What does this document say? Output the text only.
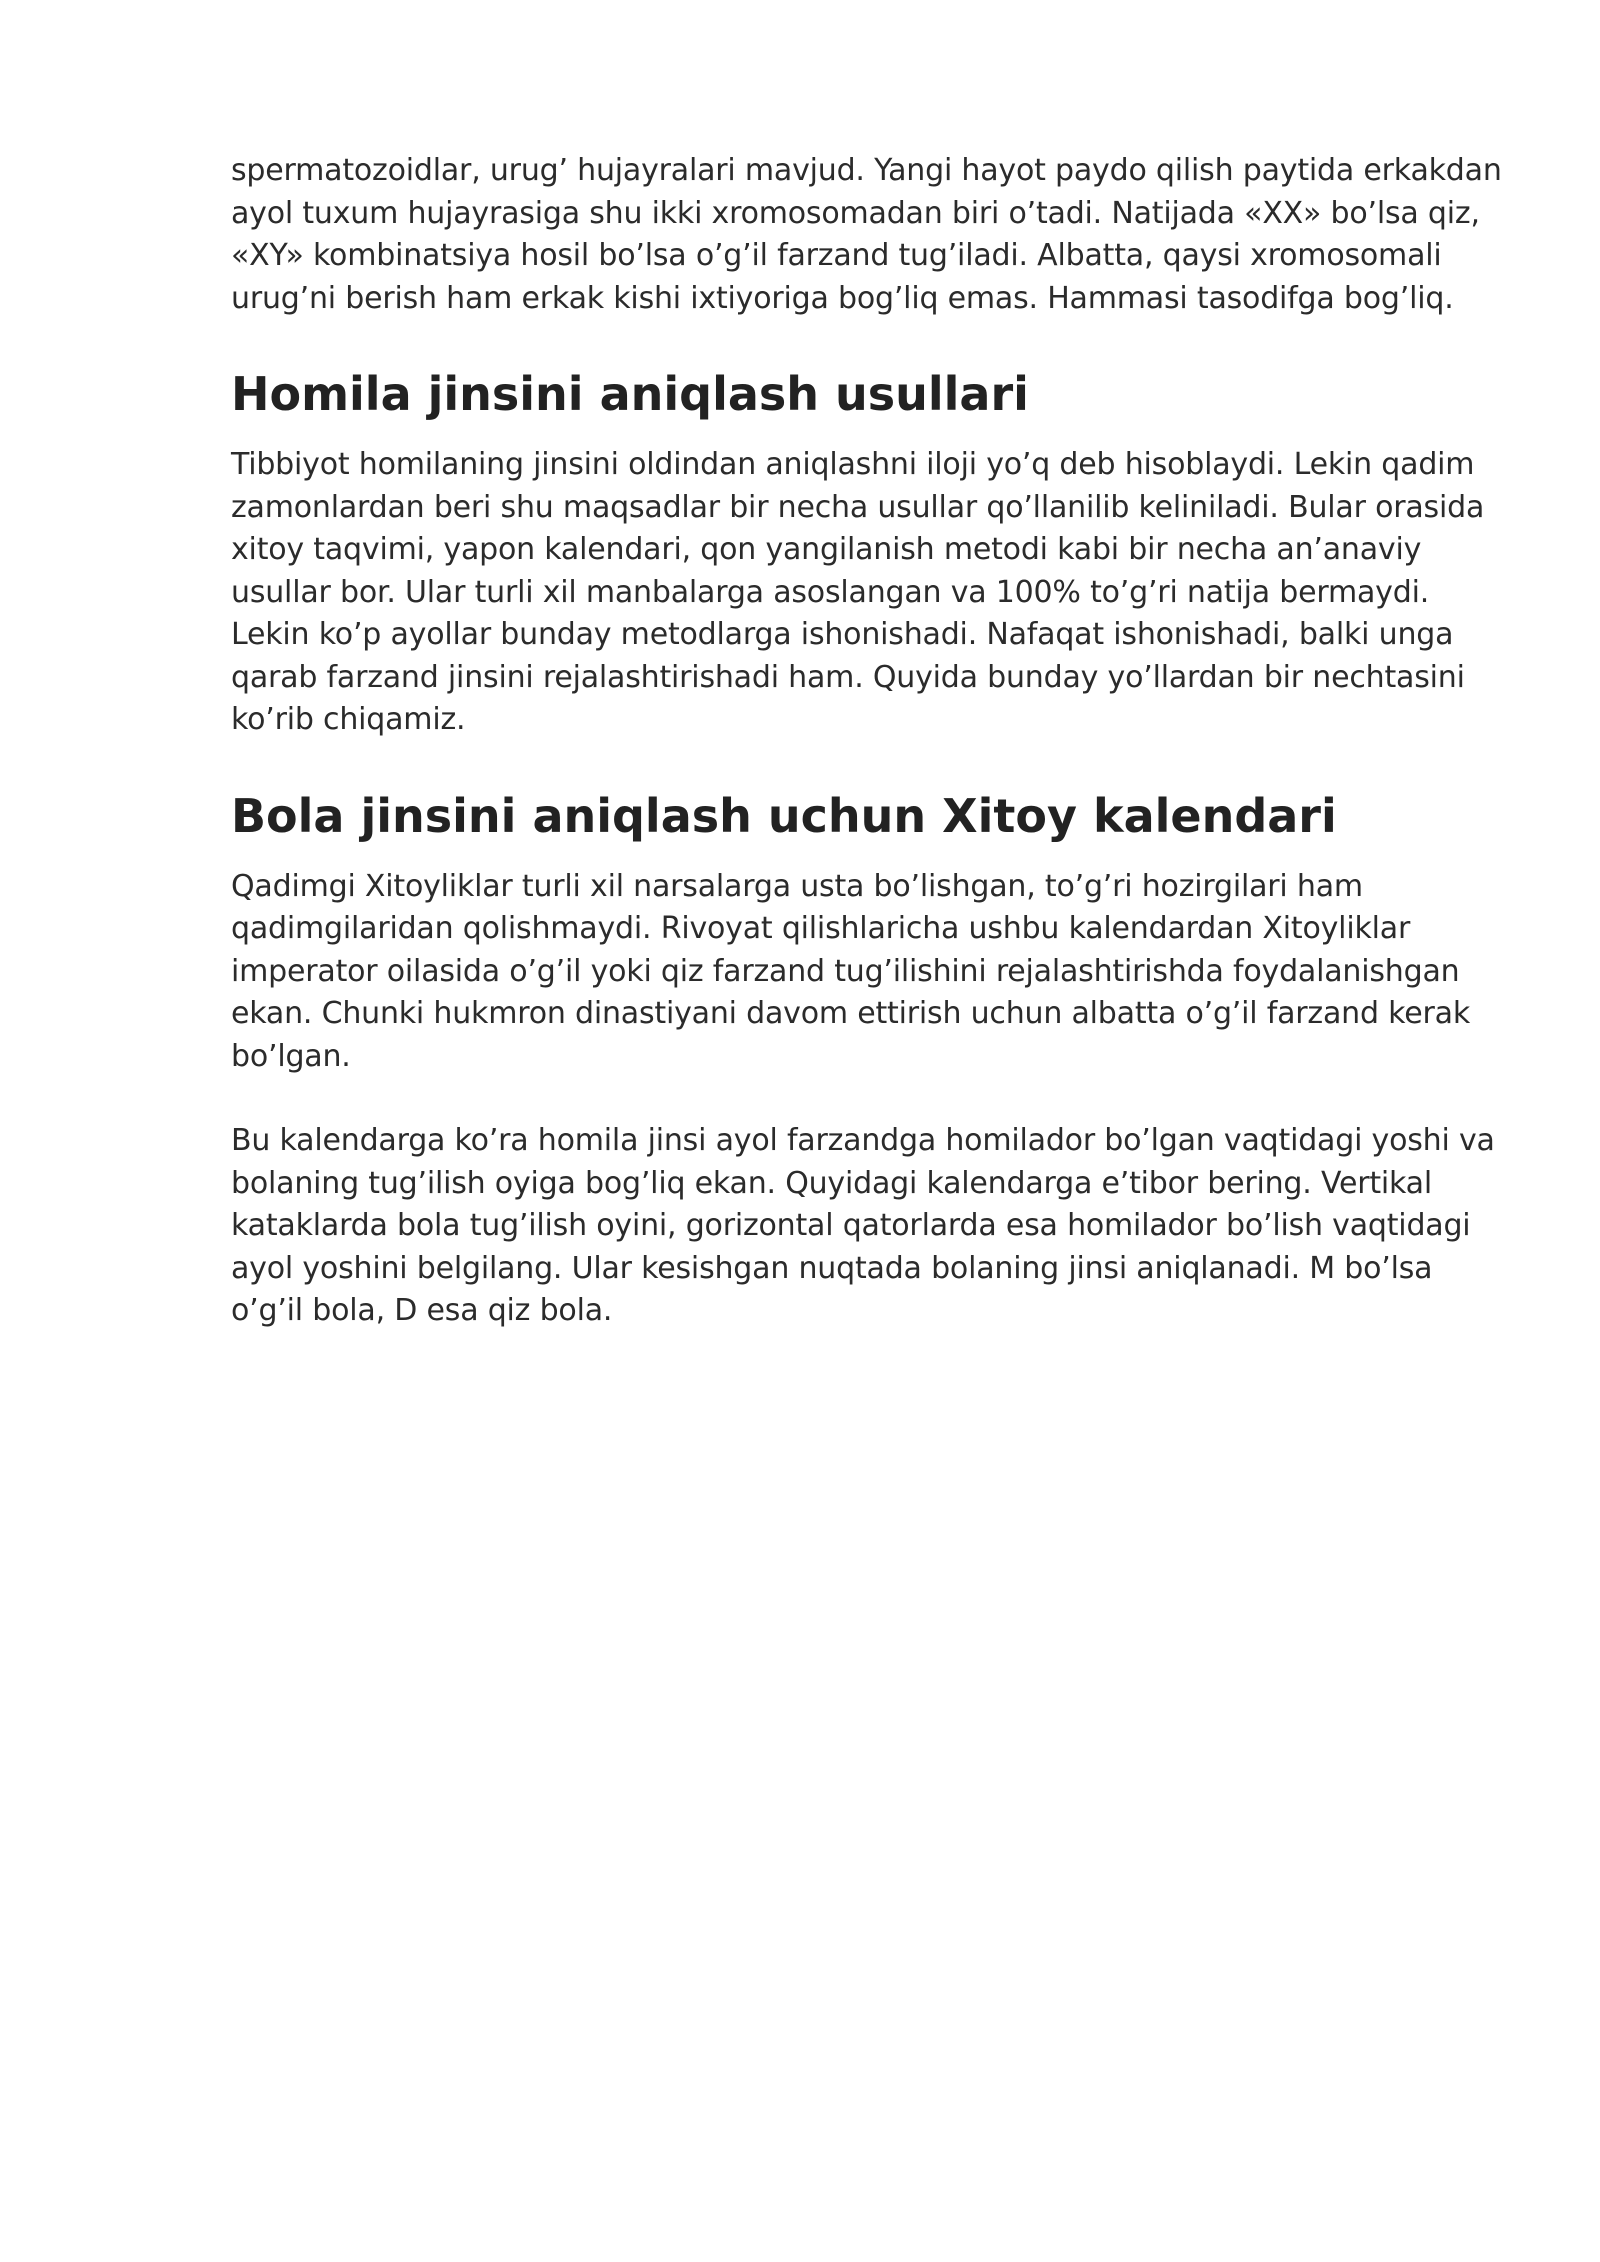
spermatozoidlar, urug’ hujayralari mavjud. Yangi hayot paydo qilish paytida erkakdan ayol tuxum hujayrasiga shu ikki xromosomadan biri o’tadi. Natijada «XX» bo’lsa qiz, «XY» kombinatsiya hosil bo’lsa o’g’il farzand tug’iladi. Albatta, qaysi xromosomali urug’ni berish ham erkak kishi ixtiyoriga bog’liq emas. Hammasi tasodifga bog’liq.

Homila jinsini aniqlash usullari

Tibbiyot homilaning jinsini oldindan aniqlashni iloji yo’q deb hisoblaydi. Lekin qadim zamonlardan beri shu maqsadlar bir necha usullar qo’llanilib keliniladi. Bular orasida xitoy taqvimi, yapon kalendari, qon yangilanish metodi kabi bir necha an’anaviy usullar bor. Ular turli xil manbalarga asoslangan va 100% to’g’ri natija bermaydi. Lekin ko’p ayollar bunday metodlarga ishonishadi. Nafaqat ishonishadi, balki unga qarab farzand jinsini rejalashtirishadi ham. Quyida bunday yo’llardan bir nechtasini ko’rib chiqamiz.

Bola jinsini aniqlash uchun Xitoy kalendari

Qadimgi Xitoyliklar turli xil narsalarga usta bo’lishgan, to’g’ri hozirgilari ham qadimgilaridan qolishmaydi. Rivoyat qilishlaricha ushbu kalendardan Xitoyliklar imperator oilasida o’g’il yoki qiz farzand tug’ilishini rejalashtirishda foydalanishgan ekan. Chunki hukmron dinastiyani davom ettirish uchun albatta o’g’il farzand kerak bo’lgan.

Bu kalendarga ko’ra homila jinsi ayol farzandga homilador bo’lgan vaqtidagi yoshi va bolaning tug’ilish oyiga bog’liq ekan. Quyidagi kalendarga e’tibor bering. Vertikal kataklarda bola tug’ilish oyini, gorizontal qatorlarda esa homilador bo’lish vaqtidagi ayol yoshini belgilang. Ular kesishgan nuqtada bolaning jinsi aniqlanadi. M bo’lsa o’g’il bola, D esa qiz bola.
